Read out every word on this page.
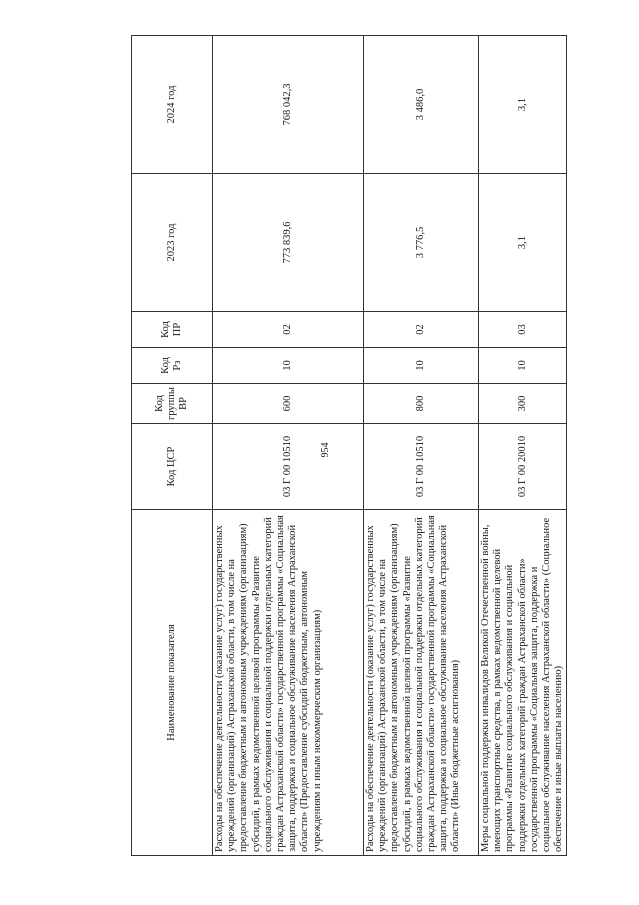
954
Наименование показателя	Код ЦСР	Код группы ВР	Код Рз	Код ПР	2023 год	2024 год
Расходы на обеспечение деятельности (оказание услуг) государственных учреждений (организаций) Астраханской области, в том числе на предоставление бюджетным и автономным учреждениям (организациям) субсидий, в рамках ведомственной целевой программы «Развитие социального обслуживания и социальной поддержки отдельных категорий граждан Астраханской области» государственной программы «Социальная защита, поддержка и социальное обслуживание населения Астраханской области» (Предоставление субсидий бюджетным, автономным учреждениям и иным некоммерческим организациям)	03 Г 00 10510	600	10	02	773 839,6	768 042,3
Расходы на обеспечение деятельности (оказание услуг) государственных учреждений (организаций) Астраханской области, в том числе на предоставление бюджетным и автономным учреждениям (организациям) субсидий, в рамках ведомственной целевой программы «Развитие социального обслуживания и социальной поддержки отдельных категорий граждан Астраханской области» государственной программы «Социальная защита, поддержка и социальное обслуживание населения Астраханской области» (Иные бюджетные ассигнования)	03 Г 00 10510	800	10	02	3 776,5	3 486,0
Меры социальной поддержки инвалидов Великой Отечественной войны, имеющих транспортные средства, в рамках ведомственной целевой программы «Развитие социального обслуживания и социальной поддержки отдельных категорий граждан Астраханской области» государственной программы «Социальная защита, поддержка и социальное обслуживание населения Астраханской области» (Социальное обеспечение и иные выплаты населению)	03 Г 00 20010	300	10	03	3,1	3,1
